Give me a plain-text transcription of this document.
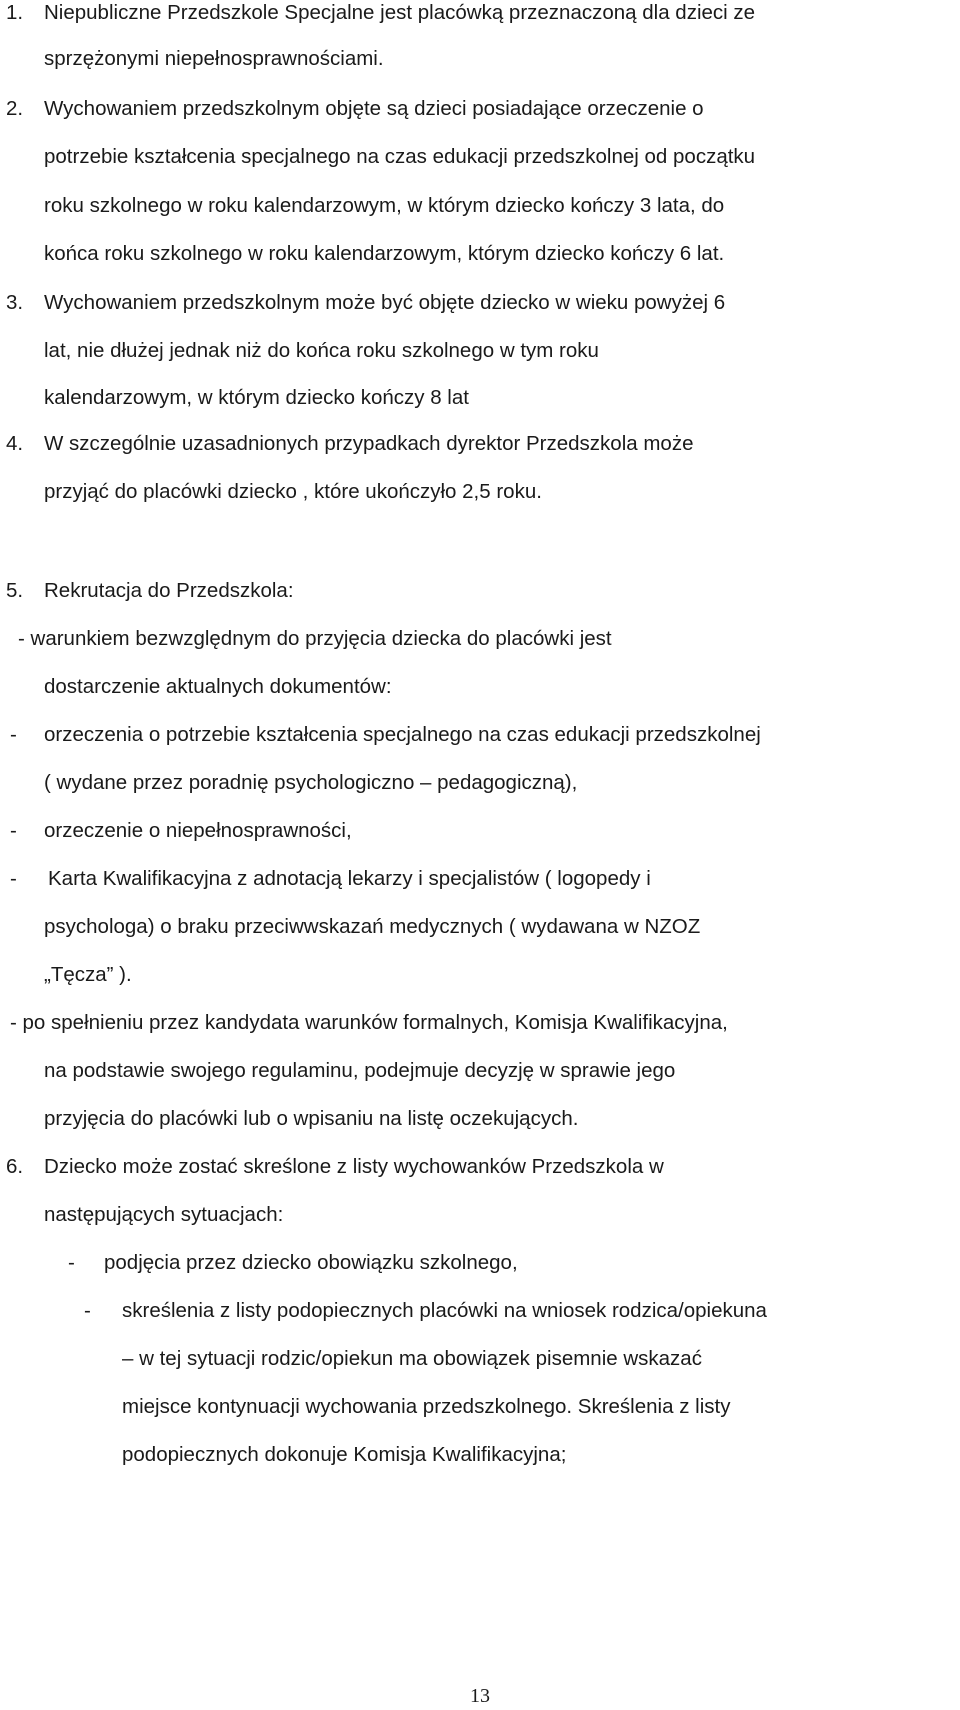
1. Niepubliczne Przedszkole Specjalne jest placówką przeznaczoną dla dzieci ze
sprzężonymi niepełnosprawnościami.
2. Wychowaniem przedszkolnym objęte są dzieci posiadające orzeczenie o
potrzebie kształcenia specjalnego na czas edukacji przedszkolnej od początku
roku szkolnego w roku kalendarzowym, w którym dziecko kończy 3 lata, do
końca roku szkolnego w roku kalendarzowym, którym dziecko kończy 6 lat.
3. Wychowaniem przedszkolnym może być objęte dziecko w wieku powyżej 6
lat, nie dłużej jednak niż do końca roku szkolnego w tym roku
kalendarzowym, w którym dziecko kończy 8 lat
4. W szczególnie uzasadnionych przypadkach dyrektor Przedszkola może
przyjąć do placówki dziecko , które ukończyło 2,5 roku.
5. Rekrutacja do Przedszkola:
- warunkiem bezwzględnym do przyjęcia dziecka do placówki jest
dostarczenie aktualnych dokumentów:
- orzeczenia o potrzebie kształcenia specjalnego na czas edukacji przedszkolnej
( wydane przez poradnię psychologiczno – pedagogiczną),
- orzeczenie o niepełnosprawności,
- Karta Kwalifikacyjna z adnotacją lekarzy i specjalistów ( logopedy i
psychologa) o braku przeciwwskazań medycznych ( wydawana w NZOZ
„Tęcza” ).
- po spełnieniu przez kandydata warunków formalnych, Komisja Kwalifikacyjna,
na podstawie swojego regulaminu, podejmuje decyzję w sprawie jego
przyjęcia do placówki lub o wpisaniu na listę oczekujących.
6. Dziecko może zostać skreślone z listy wychowanków Przedszkola w
następujących sytuacjach:
- podjęcia przez dziecko obowiązku szkolnego,
- skreślenia z listy podopiecznych placówki na wniosek rodzica/opiekuna
– w tej sytuacji rodzic/opiekun ma obowiązek pisemnie wskazać
miejsce kontynuacji wychowania przedszkolnego. Skreślenia z listy
podopiecznych dokonuje Komisja Kwalifikacyjna;
13
